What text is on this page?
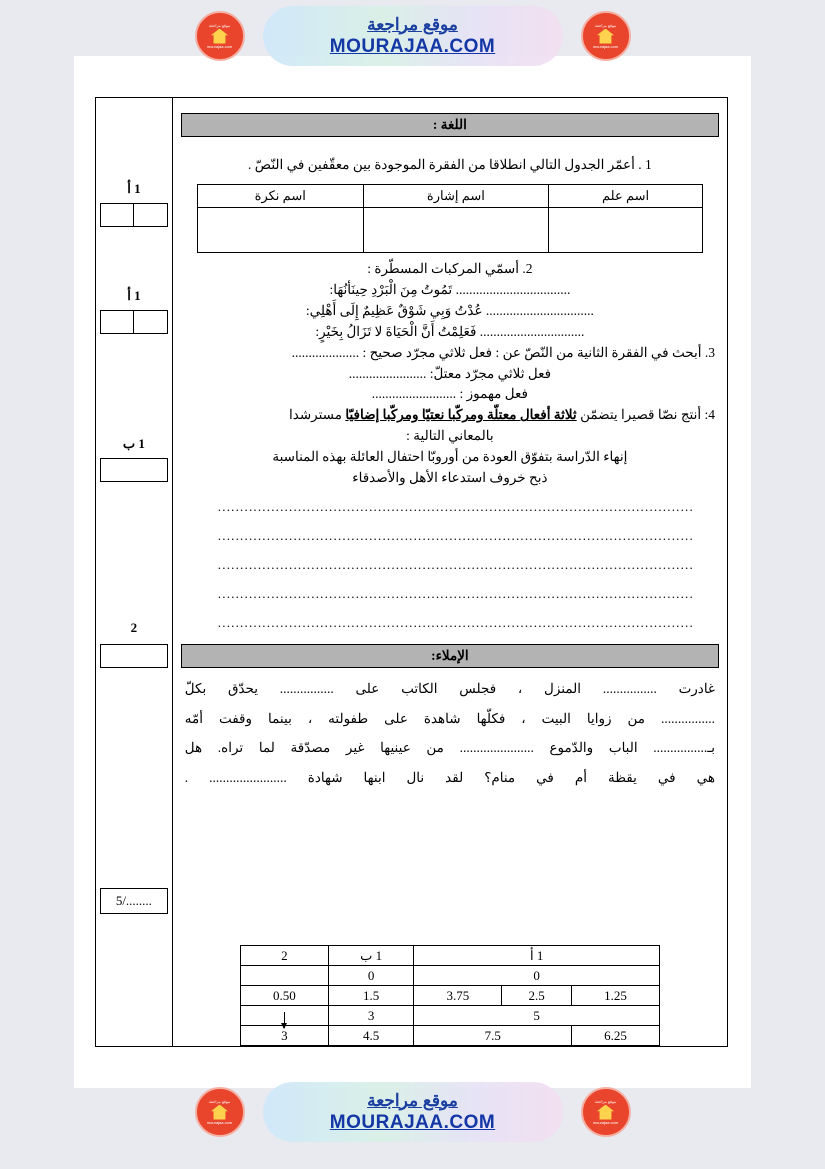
موقع مراجعة
mourajaa.com
موقع مراجعة
mourajaa.com
موقع مراجعة
MOURAJAA.COM
اللغة :
1 . أعمّر الجدول التالي انطلاقا من الفقرة الموجودة بين معقّفين في النّصّ .
اسم علم	اسم إشارة	اسم نكرة

2. أسمّي المركبات المسطّرة :
.................................. تَمُوتُ مِنَ الْبَرْدِ حِينَأنُهَا:
................................ عُدْتُ وَبِي شَوْقٌ عَظِيمٌ إِلَى أَهْلِي:
............................... فَعَلِمْتُ أَنَّ الْحَيَاةَ لا تَزَالُ بِخَيْرٍ:
3. أبحث في الفقرة الثانية من النّصّ عن : فعل ثلاثي مجرّد صحيح : ....................
فعل ثلاثي مجرّد معتلّ: .......................
فعل مهموز : .........................
4: أنتج نصّا قصيرا يتضمّن ثلاثة أفعال معتلّة ومركّبا نعتيّا ومركّبا إضافيّا مسترشدا
بالمعاني التالية :
إنهاء الدّراسة بتفوّق العودة من أوروبّا احتفال العائلة بهذه المناسبة
ذبح خروف استدعاء الأهل والأصدقاء
...........................................................................................................
...........................................................................................................
...........................................................................................................
...........................................................................................................
...........................................................................................................
الإملاء:
غادرت ................ المنزل ، فجلس الكاتب على ................ يحدّق بكلّ
................ من زوايا البيت ، فكلّها شاهدة على طفولته ، بينما وقفت أمّه
بـ................ الباب والدّموع ...................... من عينيها غير مصدّقة لما تراه. هل
هي في يقظة أم في منام؟ لقد نال ابنها شهادة ....................... .
1 أ			1 ب	2
0			0	
1.25	2.5	3.75	1.5	0.50
5			3	
6.25	7.5		4.5	3
1 أ
1 أ
1 ب
2
5/........
موقع مراجعة
mourajaa.com
موقع مراجعة
mourajaa.com
موقع مراجعة
MOURAJAA.COM
